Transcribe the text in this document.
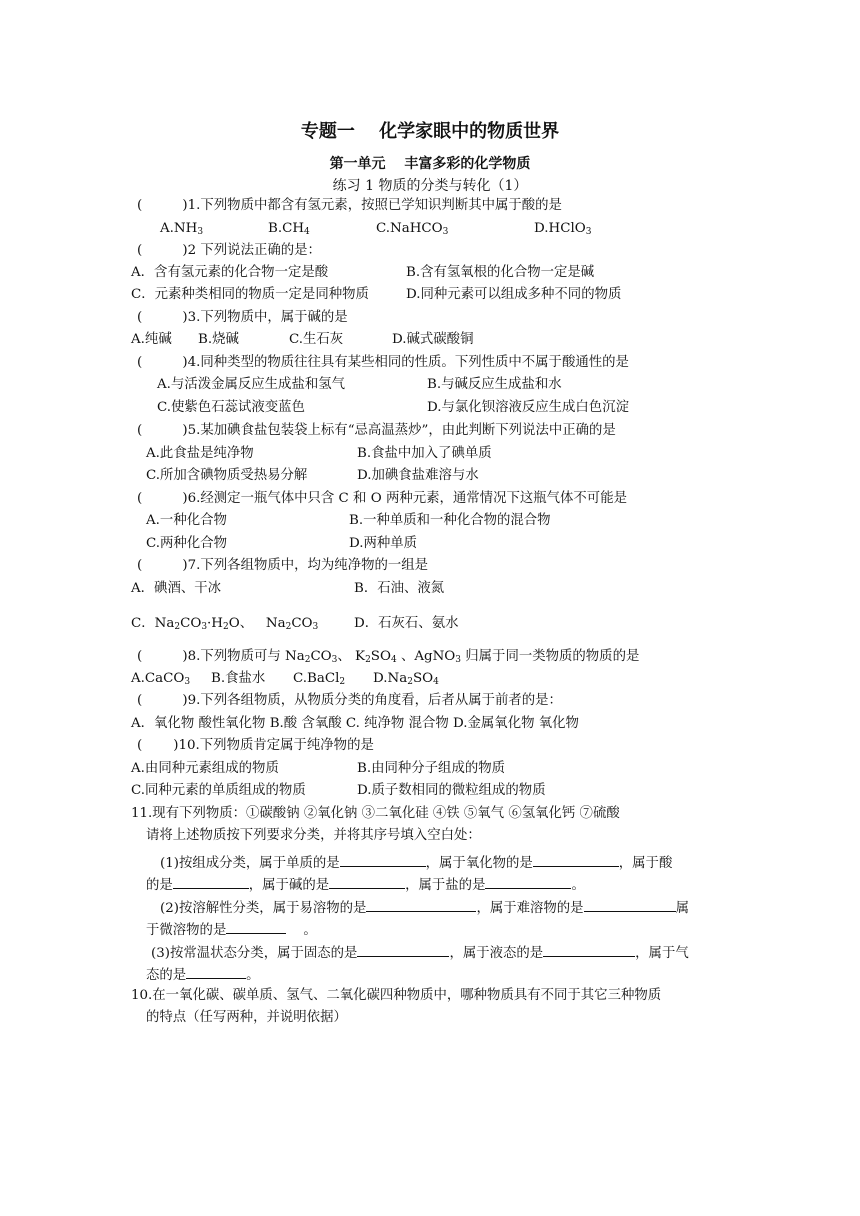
专题一　 化学家眼中的物质世界
第一单元　 丰富多彩的化学物质
练习 1 物质的分类与转化（1）
(　　　)1.下列物质中都含有氢元素，按照已学知识判断其中属于酸的是
$A.NH_3$	$B.CH_4$	C.NaHCO$_3$	D.HClO$_3$
(　　　)2 下列说法正确的是：
A．含有氢元素的化合物一定是酸	B.含有氢氧根的化合物一定是碱
C．元素种类相同的物质一定是同种物质	D.同种元素可以组成多种不同的物质
(　　　)3.下列物质中，属于碱的是
A.纯碱 B.烧碱	C.生石灰	D.碱式碳酸铜
(　　　)4.同种类型的物质往往具有某些相同的性质。下列性质中不属于酸通性的是
A.与活泼金属反应生成盐和氢气	B.与碱反应生成盐和水
C.使紫色石蕊试液变蓝色	D.与氯化钡溶液反应生成白色沉淀
(　　　)5.某加碘食盐包装袋上标有“忌高温蒸炒”，由此判断下列说法中正确的是
A.此食盐是纯净物	B.食盐中加入了碘单质
C.所加含碘物质受热易分解	D.加碘食盐难溶与水
(　　　)6.经测定一瓶气体中只含 C 和 O 两种元素，通常情况下这瓶气体不可能是
A.一种化合物	B.一种单质和一种化合物的混合物
C.两种化合物	D.两种单质
(　　　)7.下列各组物质中，均为纯净物的一组是
A．碘酒、干冰	B．石油、液氮
C．$Na_2CO_3\cdot H_2O$、 $Na_2CO_3$	D．石灰石、氨水
(　　　)8.下列物质可与 $Na_2CO_3$、 $K_2SO_4$ 、AgNO$_3$ 归属于同一类物质的物质的是
A.CaCO$_3$ B.食盐水 C.BaCl$_2$ $D.Na_2SO_4$
(　　　)9.下列各组物质，从物质分类的角度看，后者从属于前者的是：
A．氧化物 酸性氧化物 B.酸 含氧酸 C. 纯净物 混合物 D.金属氧化物 氧化物
(　　 )10.下列物质肯定属于纯净物的是
A.由同种元素组成的物质	B.由同种分子组成的物质
C.同种元素的单质组成的物质	D.质子数相同的微粒组成的物质
11.现有下列物质：①碳酸钠 ②氧化钠 ③二氧化硅 ④铁 ⑤氧气 ⑥氢氧化钙 ⑦硫酸
请将上述物质按下列要求分类，并将其序号填入空白处：
(1)按组成分类，属于单质的是	，属于氧化物的是	，属于酸
的是	，属于碱的是	，属于盐的是	。
(2)按溶解性分类，属于易溶物的是	，属于难溶物的是	属
于微溶物的是	。
(3)按常温状态分类，属于固态的是	，属于液态的是	，属于气
态的是	。
10.在一氧化碳、碳单质、氢气、二氧化碳四种物质中，哪种物质具有不同于其它三种物质
的特点（任写两种，并说明依据）
